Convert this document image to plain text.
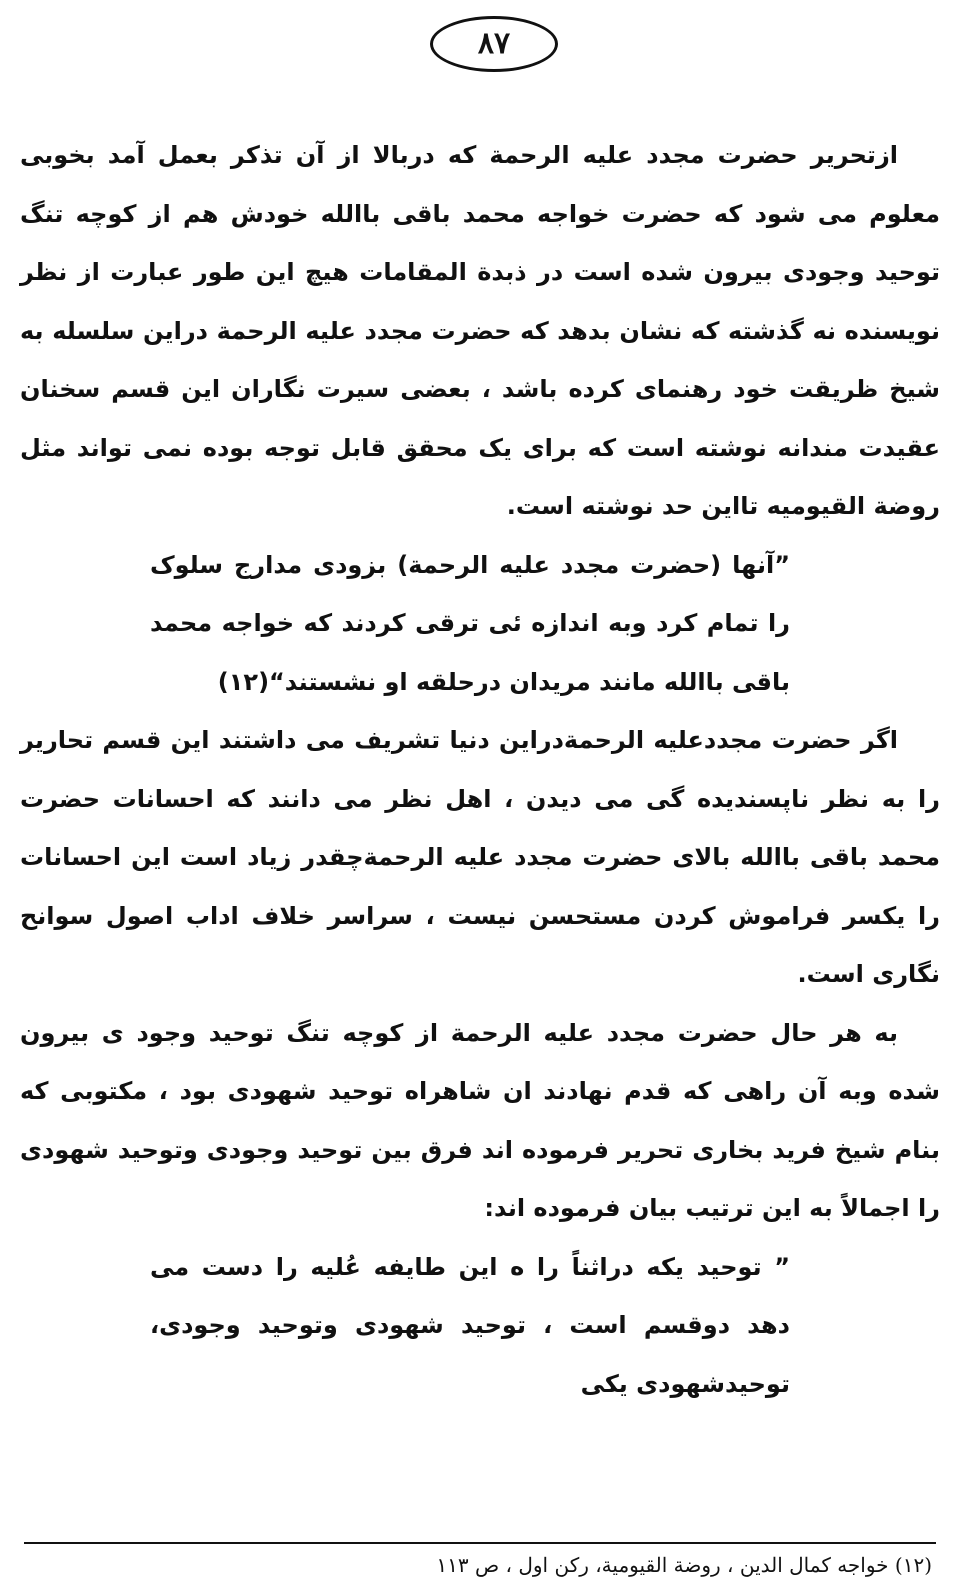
۸۷

ازتحریر حضرت مجدد علیه الرحمة که دربالا از آن تذکر بعمل آمد بخوبی معلوم می شود که حضرت خواجه محمد باقی باالله خودش هم از کوچه تنگ توحید وجودی بیرون شده است در ذبدة المقامات هیچ این طور عبارت از نظر نویسنده نه گذشته که نشان بدهد که حضرت مجدد علیه الرحمة دراین سلسله به شیخ ظریقت خود رهنمای کرده باشد ، بعضی سیرت نگاران این قسم سخنان عقیدت مندانه نوشته است که برای یک محقق قابل توجه بوده نمی تواند مثل روضة القیومیه تااین حد نوشته است.

”آنها (حضرت مجدد علیه الرحمة) بزودی مدارج سلوک را تمام کرد وبه اندازه ئی ترقی کردند که خواجه محمد باقی باالله مانند مریدان درحلقه او نشستند“(۱۲)

اگر حضرت مجددعلیه الرحمةدراین دنیا تشریف می داشتند این قسم تحاریر را به نظر ناپسندیده گی می دیدن ، اهل نظر می دانند که احسانات حضرت محمد باقی باالله بالای حضرت مجدد علیه الرحمةچقدر زیاد است این احسانات را یکسر فراموش کردن مستحسن نیست ، سراسر خلاف اداب اصول سوانح نگاری است.

به هر حال حضرت مجدد علیه الرحمة از کوچه تنگ توحید وجود ی بیرون شده وبه آن راهی که قدم نهادند ان شاهراه توحید شهودی بود ، مکتوبی که بنام شیخ فرید بخاری تحریر فرموده اند فرق بین توحید وجودی وتوحید شهودی را اجمالاً به این ترتیب بیان فرموده اند:

” توحید یکه دراثناً را ه این طایفه عُلیه را دست می دهد دوقسم است ، توحید شهودی وتوحید وجودی، توحیدشهودی یکی

(۱۲) خواجه کمال الدین ، روضة القیومیة، رکن اول ، ص ۱۱۳
